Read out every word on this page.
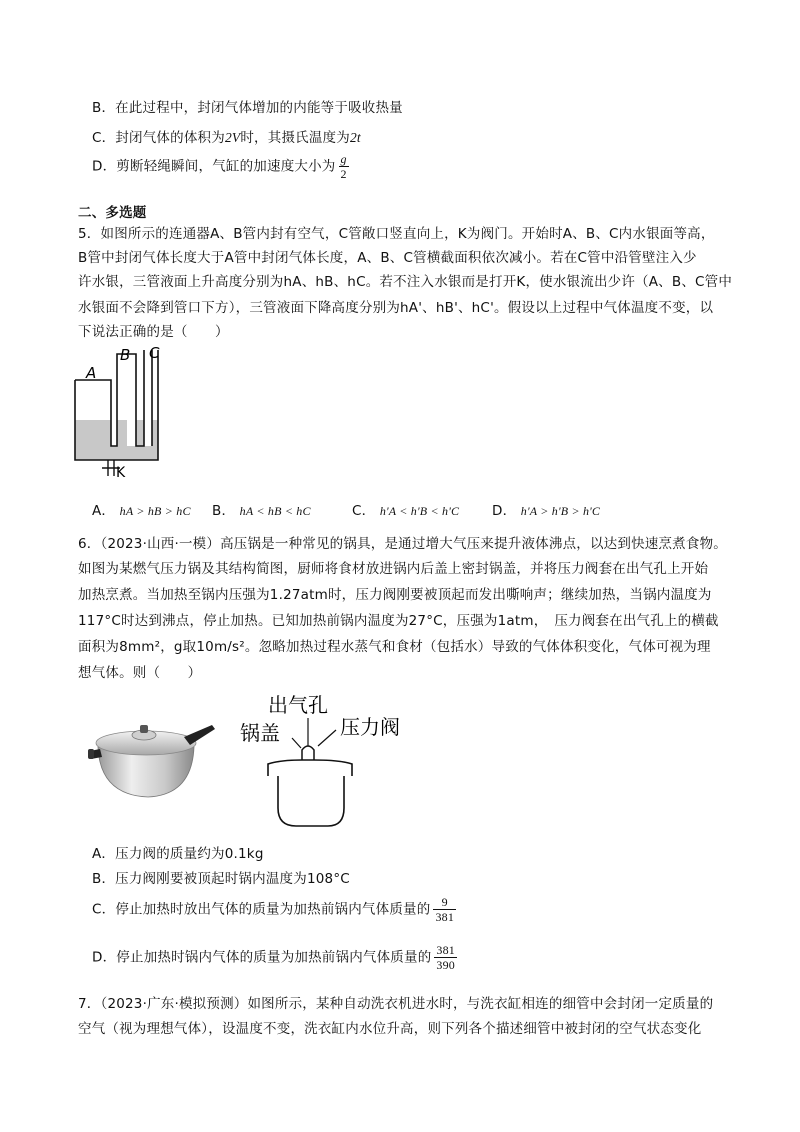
B．在此过程中，封闭气体增加的内能等于吸收热量
C．封闭气体的体积为2V时，其摄氏温度为2t
D．剪断轻绳瞬间，气缸的加速度大小为 $\frac{g}{2}$
二、多选题
5．如图所示的连通器A、B管内封有空气，C管敞口竖直向上，K为阀门。开始时A、B、C内水银面等高，
B管中封闭气体长度大于A管中封闭气体长度，A、B、C管横截面积依次减小。若在C管中沿管壁注入少
许水银，三管液面上升高度分别为hA、hB、hC。若不注入水银而是打开K，使水银流出少许（A、B、C管中
水银面不会降到管口下方），三管液面下降高度分别为hA'、hB'、hC'。假设以上过程中气体温度不变，以
下说法正确的是（　　）
A
B C
K
A． hA > hB > hC B． hA < hB < hC	C． h'A < h'B < h'C D． h'A > h'B > h'C
6．（2023·山西·一模）高压锅是一种常见的锅具，是通过增大气压来提升液体沸点，以达到快速烹煮食物。
如图为某燃气压力锅及其结构简图，厨师将食材放进锅内后盖上密封锅盖，并将压力阀套在出气孔上开始
加热烹煮。当加热至锅内压强为1.27atm时，压力阀刚要被顶起而发出嘶响声；继续加热，当锅内温度为
117°C时达到沸点，停止加热。已知加热前锅内温度为27°C，压强为1atm，　压力阀套在出气孔上的横截
面积为8mm²，g取10m/s²。忽略加热过程水蒸气和食材（包括水）导致的气体体积变化，气体可视为理
想气体。则（　　）
出气孔
锅盖	压力阀
A．压力阀的质量约为0.1kg
B．压力阀刚要被顶起时锅内温度为108°C
C．停止加热时放出气体的质量为加热前锅内气体质量的 $\frac{9}{381}$
D．停止加热时锅内气体的质量为加热前锅内气体质量的 $\frac{381}{390}$
7．（2023·广东·模拟预测）如图所示，某种自动洗衣机进水时，与洗衣缸相连的细管中会封闭一定质量的
空气（视为理想气体），设温度不变，洗衣缸内水位升高，则下列各个描述细管中被封闭的空气状态变化
